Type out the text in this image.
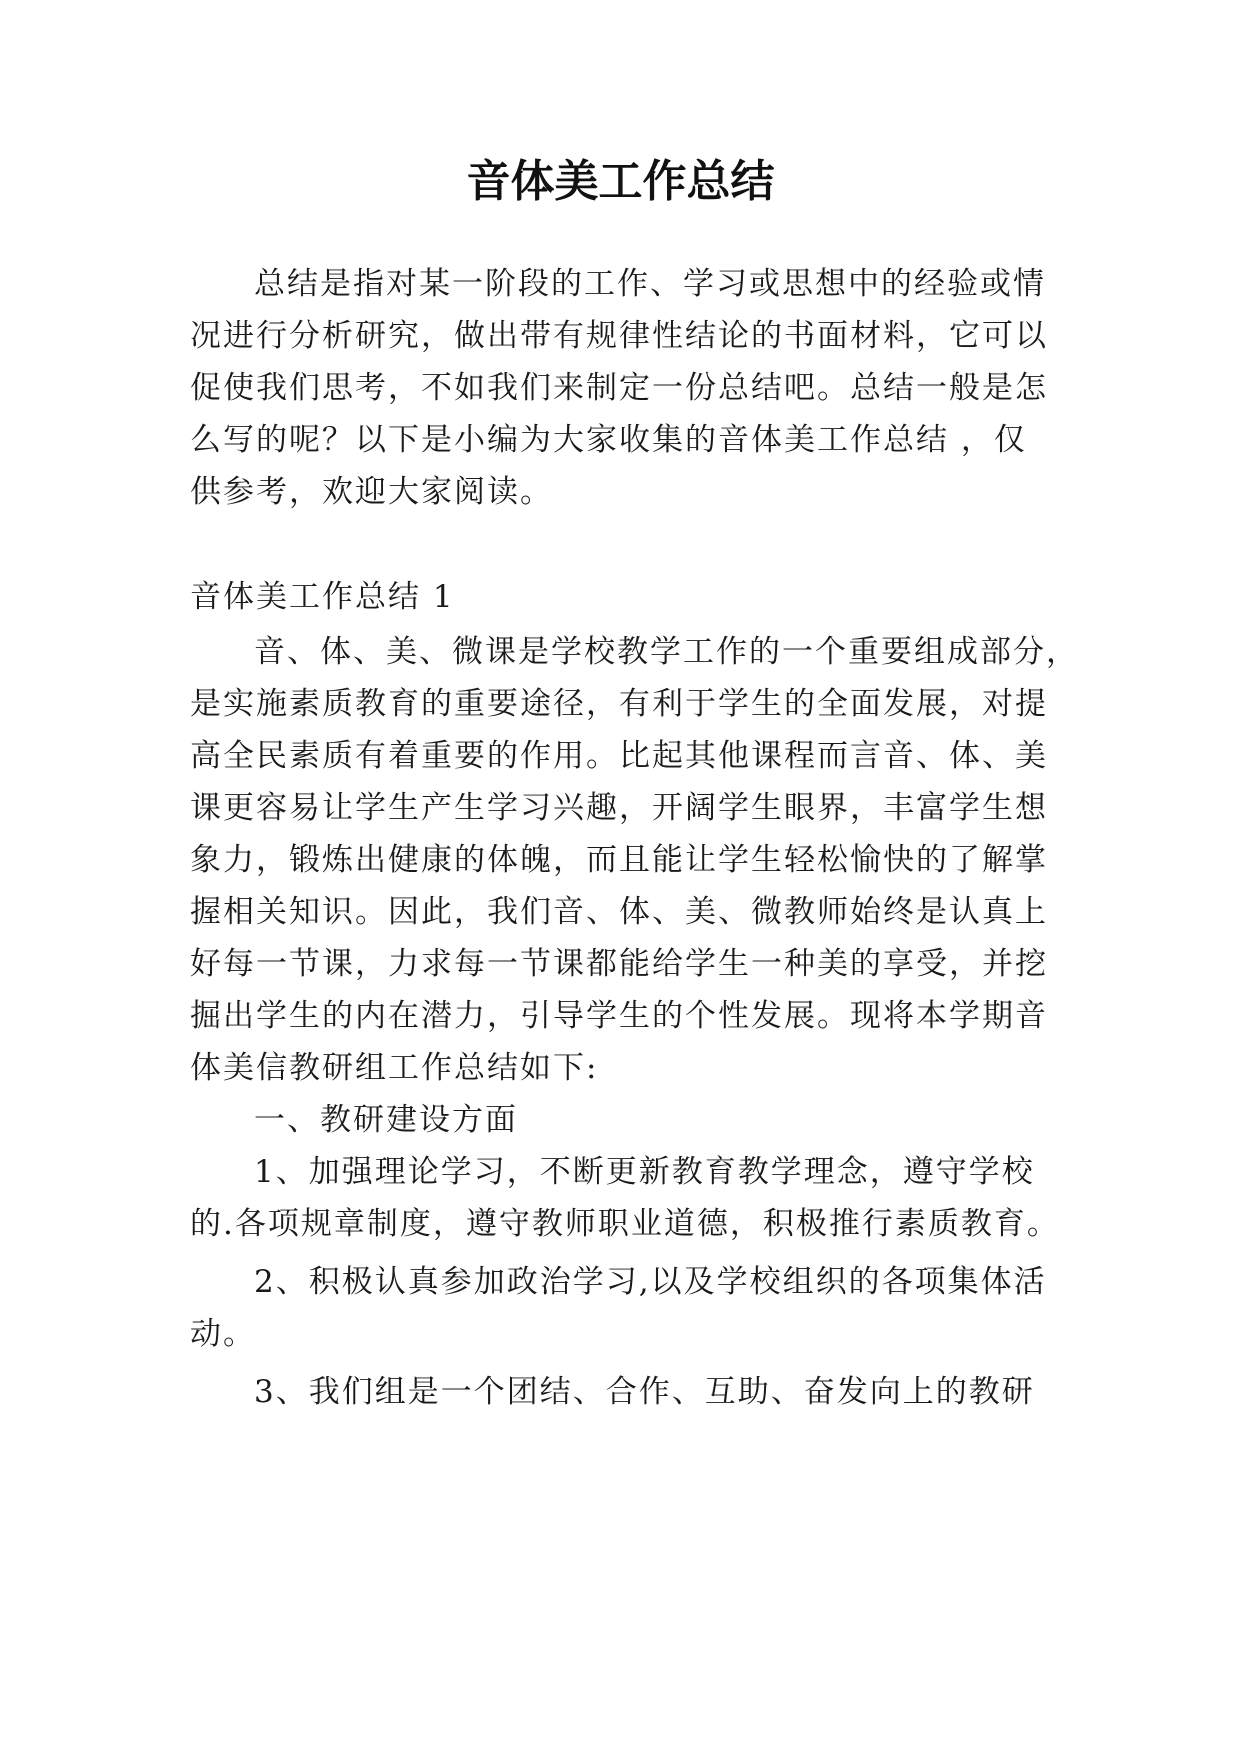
音体美工作总结

总结是指对某一阶段的工作、学习或思想中的经验或情

况进行分析研究，做出带有规律性结论的书面材料，它可以

促使我们思考，不如我们来制定一份总结吧。总结一般是怎

么写的呢？以下是小编为大家收集的音体美工作总结 ，仅

供参考，欢迎大家阅读。

音体美工作总结 1

音、体、美、微课是学校教学工作的一个重要组成部分，

是实施素质教育的重要途径，有利于学生的全面发展，对提

高全民素质有着重要的作用。比起其他课程而言音、体、美

课更容易让学生产生学习兴趣，开阔学生眼界，丰富学生想

象力，锻炼出健康的体魄，而且能让学生轻松愉快的了解掌

握相关知识。因此，我们音、体、美、微教师始终是认真上

好每一节课，力求每一节课都能给学生一种美的享受，并挖

掘出学生的内在潜力，引导学生的个性发展。现将本学期音

体美信教研组工作总结如下:

一、教研建设方面

1、加强理论学习，不断更新教育教学理念，遵守学校

的.各项规章制度，遵守教师职业道德，积极推行素质教育。

2、积极认真参加政治学习,以及学校组织的各项集体活

动。

3、我们组是一个团结、合作、互助、奋发向上的教研
